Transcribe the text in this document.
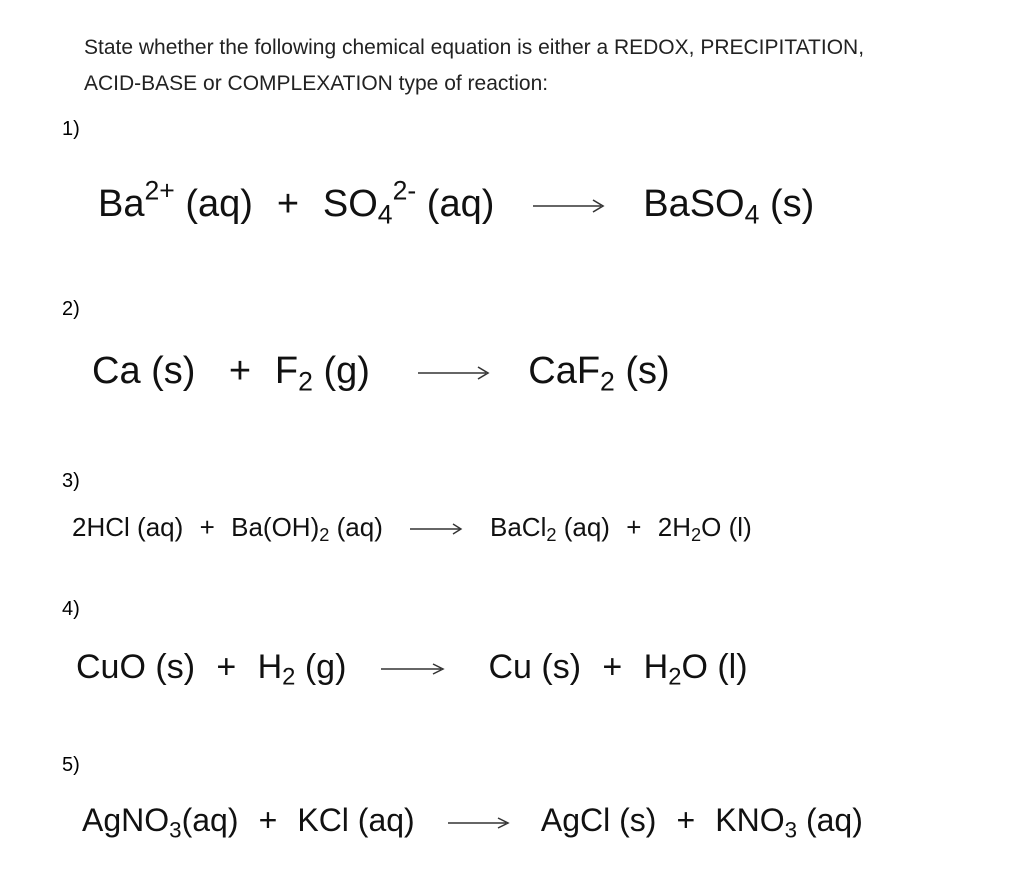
State whether the following chemical equation is either a REDOX, PRECIPITATION,
ACID-BASE or COMPLEXATION type of reaction:
1)
2)
3)
4)
5)
$Ba^{2+}$ $(aq) + SO_4^{2-}$ (aq) → BaSO$_4$ (s)
Ca $(s) + F_2$ (g) → CaF$_2$ (s)
2HCl $(aq) + Ba(OH)_2$ (aq) → BaCl$_2$ $(aq) + 2H_2O$ (l)
CuO $(s) + H_2$ (g) → Cu $(s) + H_2O$ (l)
AgNO$_3$(aq) + KCl (aq) → AgCl $(s) + KNO_3$ (aq)
